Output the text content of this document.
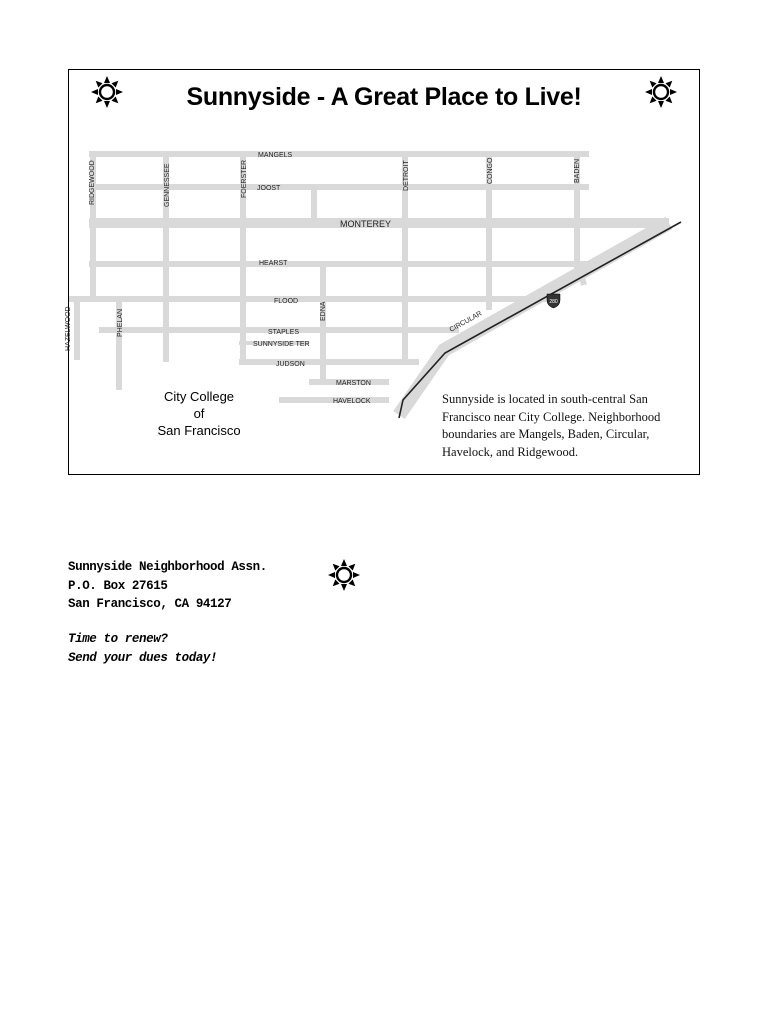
280
MANGELS
JOOST
MONTEREY
HEARST
FLOOD
STAPLES
SUNNYSIDE TER
JUDSON
MARSTON
HAVELOCK
CIRCULAR
RIDGEWOOD	GENNESSEE	FOERSTER	DETROIT	CONGO	BADEN
HAZELWOOD	PHELAN	EDNA
Sunnyside - A Great Place to Live!
City College
of
San Francisco
Sunnyside is located in south-central San Francisco near City College. Neighborhood boundaries are Mangels, Baden, Circular, Havelock, and Ridgewood.
Sunnyside Neighborhood Assn.
P.O. Box 27615
San Francisco, CA 94127
Time to renew?
Send your dues today!
